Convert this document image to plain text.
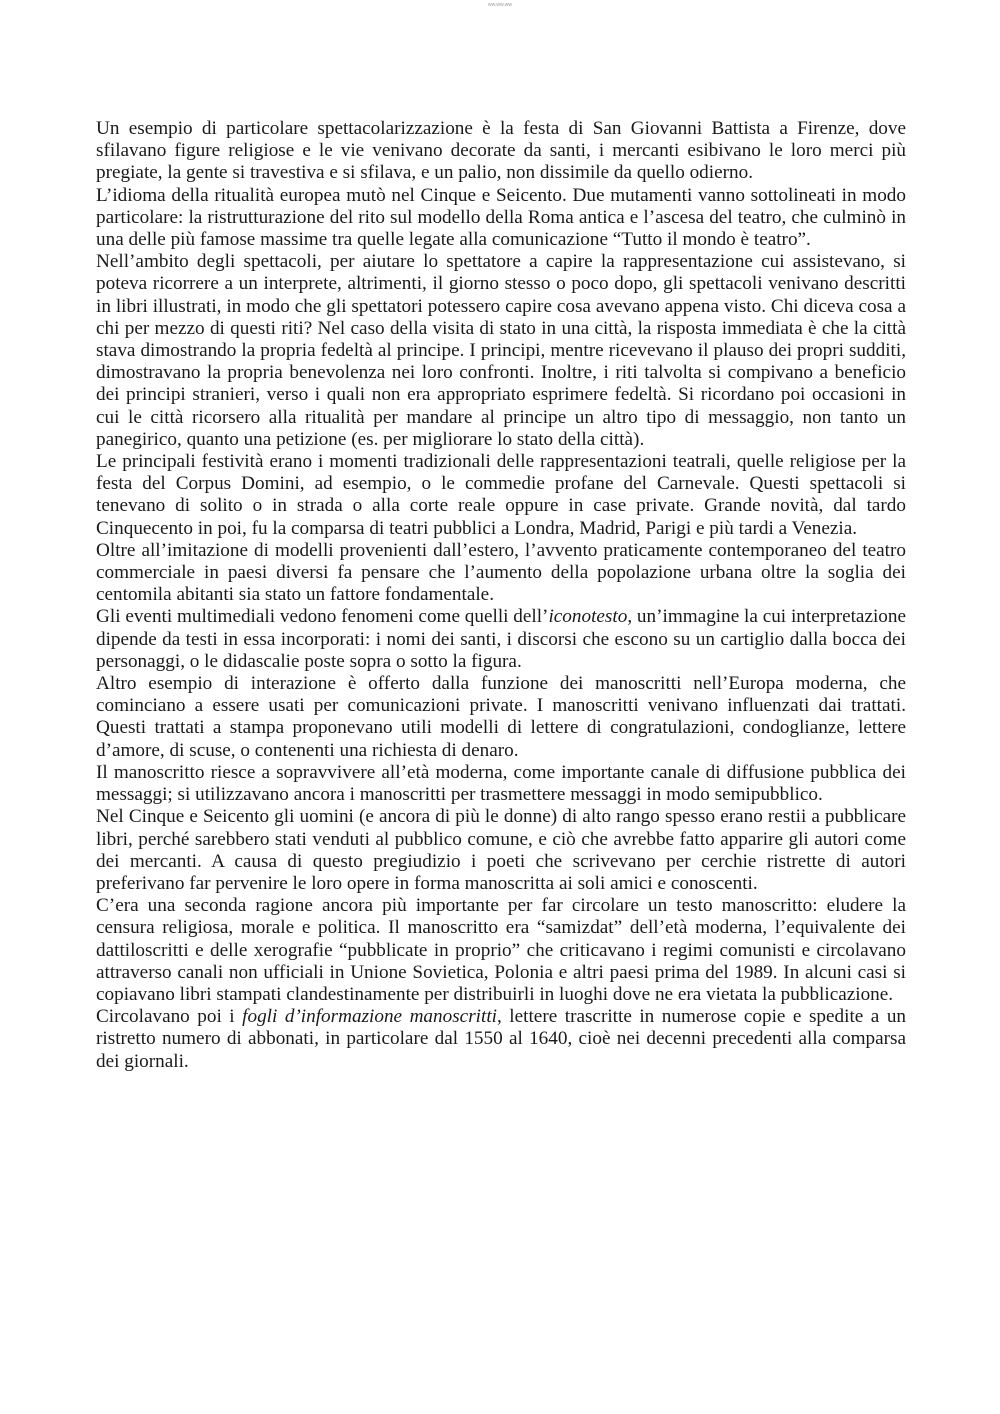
ww.ww.ww

Un esempio di particolare spettacolarizzazione è la festa di San Giovanni Battista a Firenze, dove sfilavano figure religiose e le vie venivano decorate da santi, i mercanti esibivano le loro merci più pregiate, la gente si travestiva e si sfilava, e un palio, non dissimile da quello odierno.

L’idioma della ritualità europea mutò nel Cinque e Seicento. Due mutamenti vanno sottolineati in modo particolare: la ristrutturazione del rito sul modello della Roma antica e l’ascesa del teatro, che culminò in una delle più famose massime tra quelle legate alla comunicazione “Tutto il mondo è teatro”.

Nell’ambito degli spettacoli, per aiutare lo spettatore a capire la rappresentazione cui assistevano, si poteva ricorrere a un interprete, altrimenti, il giorno stesso o poco dopo, gli spettacoli venivano descritti in libri illustrati, in modo che gli spettatori potessero capire cosa avevano appena visto. Chi diceva cosa a chi per mezzo di questi riti? Nel caso della visita di stato in una città, la risposta immediata è che la città stava dimostrando la propria fedeltà al principe. I principi, mentre ricevevano il plauso dei propri sudditi, dimostravano la propria benevolenza nei loro confronti. Inoltre, i riti talvolta si compivano a beneficio dei principi stranieri, verso i quali non era appropriato esprimere fedeltà. Si ricordano poi occasioni in cui le città ricorsero alla ritualità per mandare al principe un altro tipo di messaggio, non tanto un panegirico, quanto una petizione (es. per migliorare lo stato della città).

Le principali festività erano i momenti tradizionali delle rappresentazioni teatrali, quelle religiose per la festa del Corpus Domini, ad esempio, o le commedie profane del Carnevale. Questi spettacoli si tenevano di solito o in strada o alla corte reale oppure in case private. Grande novità, dal tardo Cinquecento in poi, fu la comparsa di teatri pubblici a Londra, Madrid, Parigi e più tardi a Venezia.

Oltre all’imitazione di modelli provenienti dall’estero, l’avvento praticamente contemporaneo del teatro commerciale in paesi diversi fa pensare che l’aumento della popolazione urbana oltre la soglia dei centomila abitanti sia stato un fattore fondamentale.

Gli eventi multimediali vedono fenomeni come quelli dell’iconotesto, un’immagine la cui interpretazione dipende da testi in essa incorporati: i nomi dei santi, i discorsi che escono su un cartiglio dalla bocca dei personaggi, o le didascalie poste sopra o sotto la figura.

Altro esempio di interazione è offerto dalla funzione dei manoscritti nell’Europa moderna, che cominciano a essere usati per comunicazioni private. I manoscritti venivano influenzati dai trattati. Questi trattati a stampa proponevano utili modelli di lettere di congratulazioni, condoglianze, lettere d’amore, di scuse, o contenenti una richiesta di denaro.

Il manoscritto riesce a sopravvivere all’età moderna, come importante canale di diffusione pubblica dei messaggi; si utilizzavano ancora i manoscritti per trasmettere messaggi in modo semipubblico.

Nel Cinque e Seicento gli uomini (e ancora di più le donne) di alto rango spesso erano restii a pubblicare libri, perché sarebbero stati venduti al pubblico comune, e ciò che avrebbe fatto apparire gli autori come dei mercanti. A causa di questo pregiudizio i poeti che scrivevano per cerchie ristrette di autori preferivano far pervenire le loro opere in forma manoscritta ai soli amici e conoscenti.

C’era una seconda ragione ancora più importante per far circolare un testo manoscritto: eludere la censura religiosa, morale e politica. Il manoscritto era “samizdat” dell’età moderna, l’equivalente dei dattiloscritti e delle xerografie “pubblicate in proprio” che criticavano i regimi comunisti e circolavano attraverso canali non ufficiali in Unione Sovietica, Polonia e altri paesi prima del 1989. In alcuni casi si copiavano libri stampati clandestinamente per distribuirli in luoghi dove ne era vietata la pubblicazione.

Circolavano poi i fogli d’informazione manoscritti, lettere trascritte in numerose copie e spedite a un ristretto numero di abbonati, in particolare dal 1550 al 1640, cioè nei decenni precedenti alla comparsa dei giornali.
